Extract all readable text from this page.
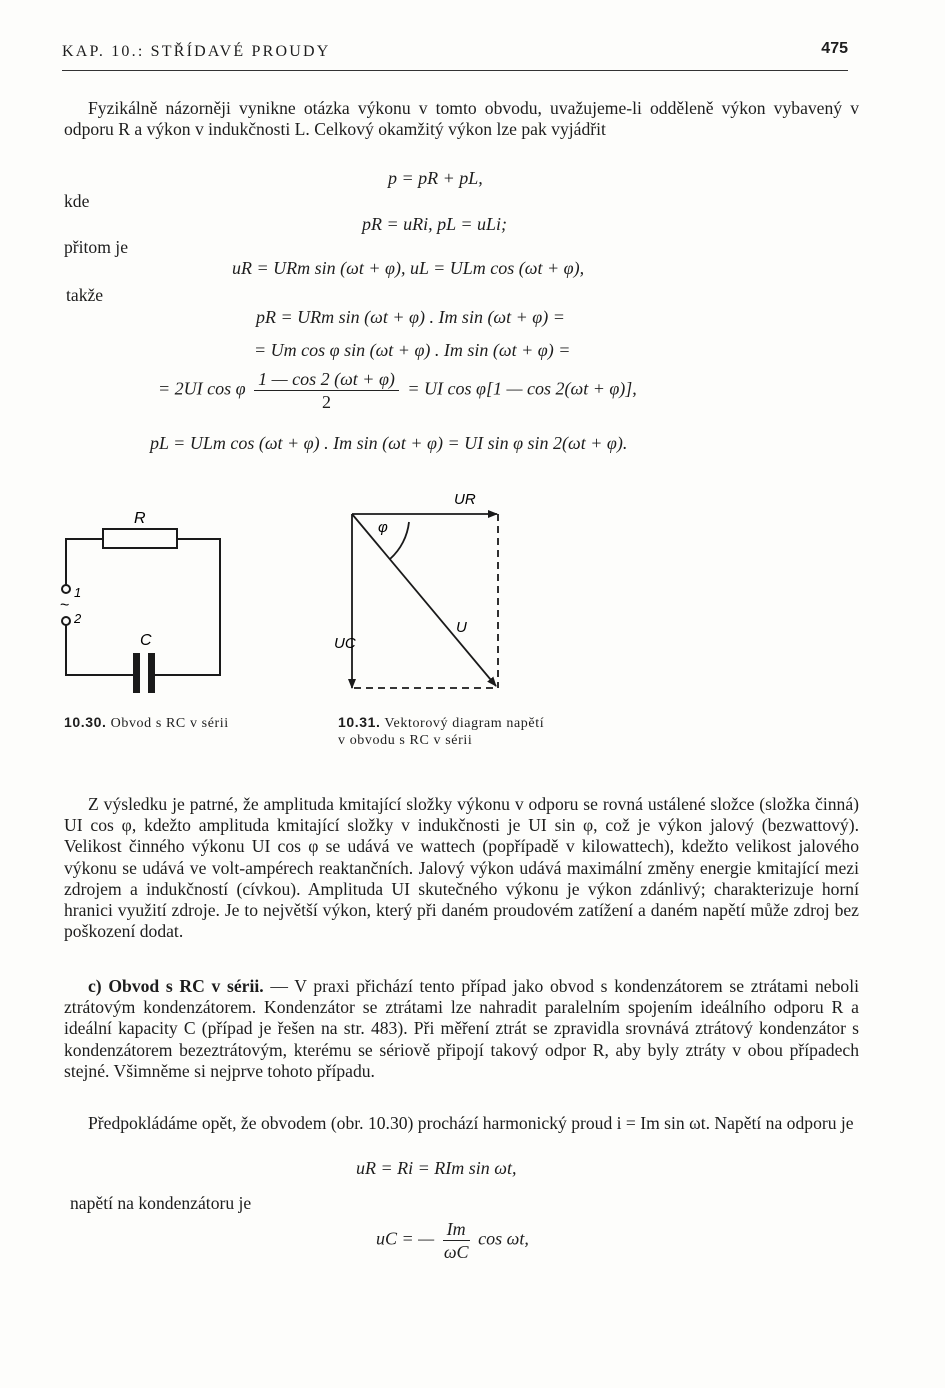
KAP. 10.: STŘÍDAVÉ PROUDY	475
Fyzikálně názorněji vynikne otázka výkonu v tomto obvodu, uvažujeme-li odděleně výkon vybavený v odporu R a výkon v indukčnosti L. Celkový okamžitý výkon lze pak vyjádřit
p = pR + pL,
kde
pR = uRi, pL = uLi;
přitom je
uR = URm sin (ωt + φ), uL = ULm cos (ωt + φ),
takže
pR = URm sin (ωt + φ) . Im sin (ωt + φ) =
= Um cos φ sin (ωt + φ) . Im sin (ωt + φ) =
= 2UI cos φ $\frac{1 — \cos 2 (\omega t + \varphi)}{2}$ = UI cos φ[1 — cos 2(ωt + φ)],
pL = ULm cos (ωt + φ) . Im sin (ωt + φ) = UI sin φ sin 2(ωt + φ).
R
C
1
2
~
UR
UC
U
φ
10.30. Obvod s RC v sérii	10.31. Vektorový diagram napětí
v obvodu s RC v sérii
Z výsledku je patrné, že amplituda kmitající složky výkonu v odporu se rovná ustálené složce (složka činná) UI cos φ, kdežto amplituda kmitající složky v indukčnosti je UI sin φ, což je výkon jalový (bezwattový). Velikost činného výkonu UI cos φ se udává ve wattech (popřípadě v kilowattech), kdežto velikost jalového výkonu se udává ve volt-ampérech reaktančních. Jalový výkon udává maximální změny energie kmitající mezi zdrojem a indukčností (cívkou). Amplituda UI skutečného výkonu je výkon zdánlivý; charakterizuje horní hranici využití zdroje. Je to největší výkon, který při daném proudovém zatížení a daném napětí může zdroj bez poškození dodat.
c) Obvod s RC v sérii. — V praxi přichází tento případ jako obvod s kondenzátorem se ztrátami neboli ztrátovým kondenzátorem. Kondenzátor se ztrátami lze nahradit paralelním spojením ideálního odporu R a ideální kapacity C (případ je řešen na str. 483). Při měření ztrát se zpravidla srovnává ztrátový kondenzátor s kondenzátorem bezeztrátovým, kterému se sériově připojí takový odpor R, aby byly ztráty v obou případech stejné. Všimněme si nejprve tohoto případu.
Předpokládáme opět, že obvodem (obr. 10.30) prochází harmonický proud i = Im sin ωt. Napětí na odporu je
uR = Ri = RIm sin ωt,
napětí na kondenzátoru je
uC = — $\frac{Im}{\omega C}$ cos ωt,
